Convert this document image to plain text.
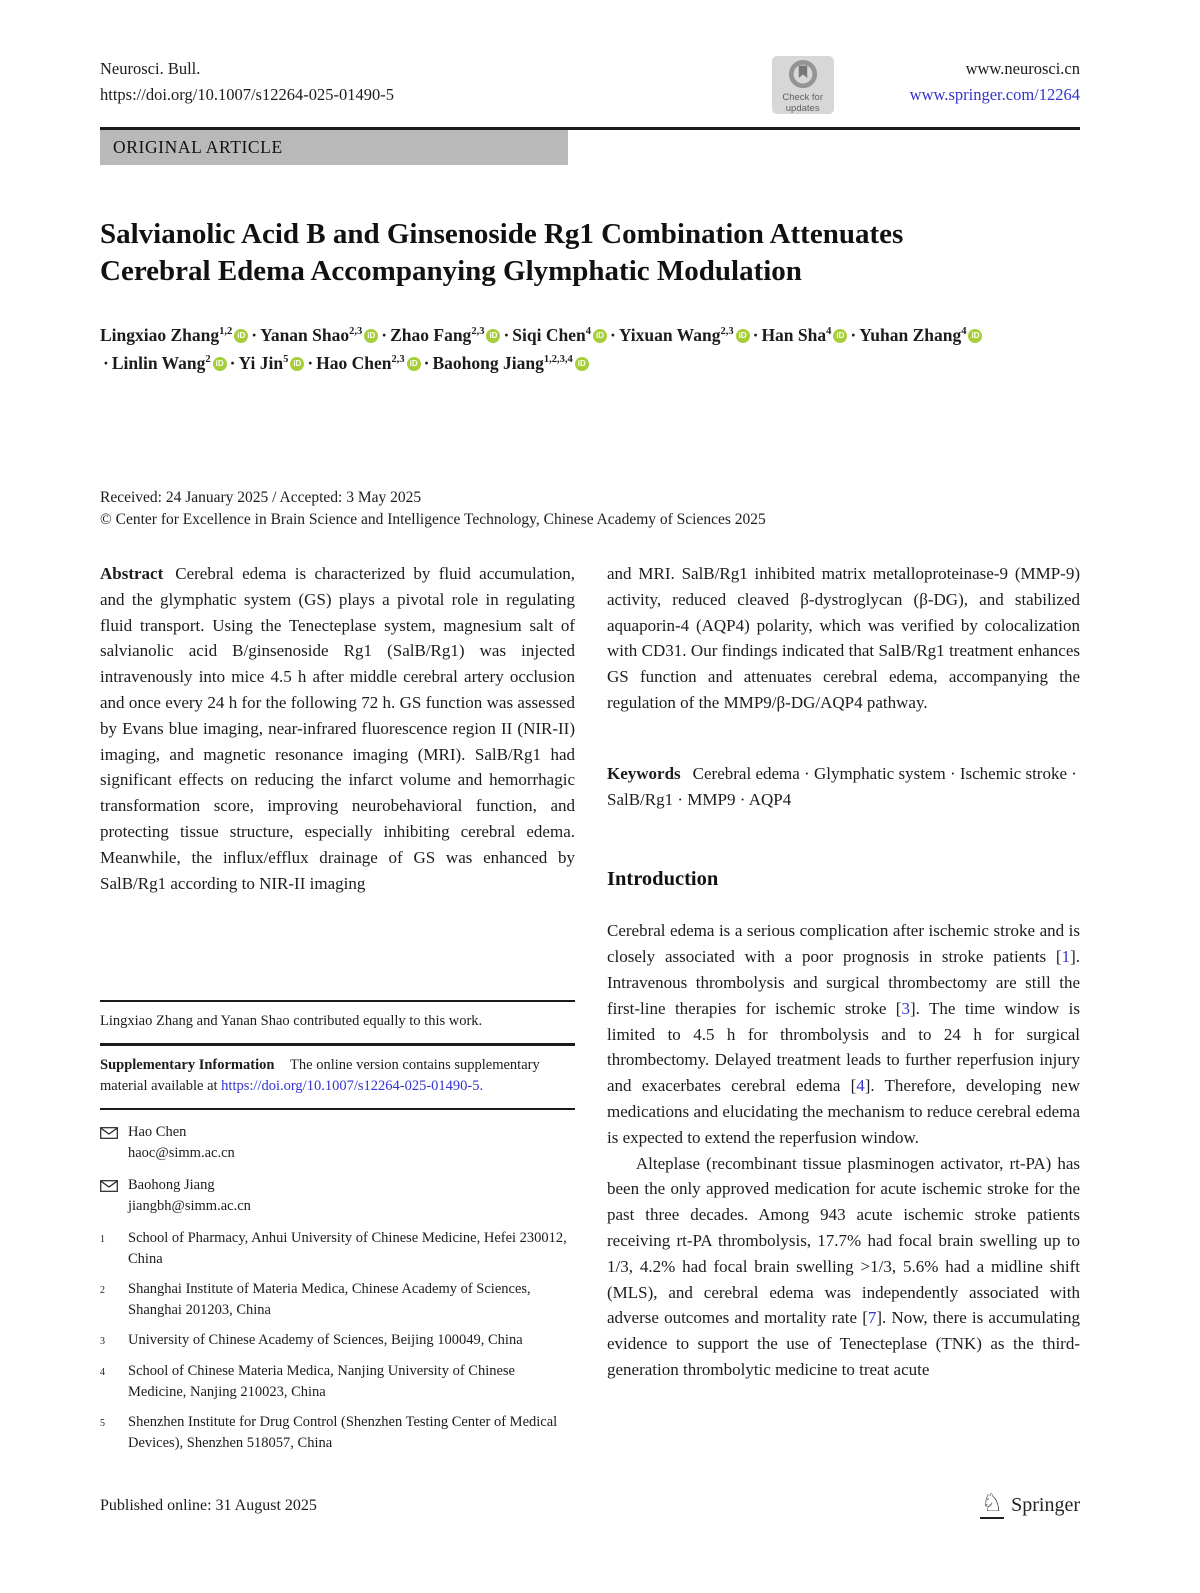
Neurosci. Bull.
https://doi.org/10.1007/s12264-025-01490-5	Check for
updates
www.neurosci.cn
www.springer.com/12264
ORIGINAL ARTICLE
Salvianolic Acid B and Ginsenoside Rg1 Combination Attenuates Cerebral Edema Accompanying Glymphatic Modulation
Lingxiao Zhang$^{1,2}$ iD · Yanan Shao$^{2,3}$ iD · Zhao Fang$^{2,3}$ iD · Siqi Chen$^4$ iD · Yixuan Wang$^{2,3}$ iD · Han Sha$^4$ iD · Yuhan Zhang$^4$ iD· Linlin Wang$^2$ iD · Yi Jin$^5$ iD · Hao Chen$^{2,3}$ iD · Baohong Jiang$^{1,2,3,4}$ iD
Received: 24 January 2025 / Accepted: 3 May 2025
© Center for Excellence in Brain Science and Intelligence Technology, Chinese Academy of Sciences 2025
Abstract Cerebral edema is characterized by fluid accumulation, and the glymphatic system (GS) plays a pivotal role in regulating fluid transport. Using the Tenecteplase system, magnesium salt of salvianolic acid B/ginsenoside Rg1 (SalB/Rg1) was injected intravenously into mice 4.5 h after middle cerebral artery occlusion and once every 24 h for the following 72 h. GS function was assessed by Evans blue imaging, near-infrared fluorescence region II (NIR-II) imaging, and magnetic resonance imaging (MRI). SalB/Rg1 had significant effects on reducing the infarct volume and hemorrhagic transformation score, improving neurobehavioral function, and protecting tissue structure, especially inhibiting cerebral edema. Meanwhile, the influx/efflux drainage of GS was enhanced by SalB/Rg1 according to NIR-II imaging
Lingxiao Zhang and Yanan Shao contributed equally to this work.
Supplementary Information The online version contains supplementary material available at https://doi.org/10.1007/s12264-025-01490-5.
Hao Chen
haoc@simm.ac.cn
Baohong Jiang
jiangbh@simm.ac.cn
1	School of Pharmacy, Anhui University of Chinese Medicine, Hefei 230012, China
2	Shanghai Institute of Materia Medica, Chinese Academy of Sciences, Shanghai 201203, China
3	University of Chinese Academy of Sciences, Beijing 100049, China
4	School of Chinese Materia Medica, Nanjing University of Chinese Medicine, Nanjing 210023, China
5	Shenzhen Institute for Drug Control (Shenzhen Testing Center of Medical Devices), Shenzhen 518057, China
and MRI. SalB/Rg1 inhibited matrix metalloproteinase-9 (MMP-9) activity, reduced cleaved β-dystroglycan (β-DG), and stabilized aquaporin-4 (AQP4) polarity, which was verified by colocalization with CD31. Our findings indicated that SalB/Rg1 treatment enhances GS function and attenuates cerebral edema, accompanying the regulation of the MMP9/β-DG/AQP4 pathway.
Keywords Cerebral edema · Glymphatic system · Ischemic stroke · SalB/Rg1 · MMP9 · AQP4
Introduction
Cerebral edema is a serious complication after ischemic stroke and is closely associated with a poor prognosis in stroke patients [1]. Intravenous thrombolysis and surgical thrombectomy are still the first-line therapies for ischemic stroke [3]. The time window is limited to 4.5 h for thrombolysis and to 24 h for surgical thrombectomy. Delayed treatment leads to further reperfusion injury and exacerbates cerebral edema [4]. Therefore, developing new medications and elucidating the mechanism to reduce cerebral edema is expected to extend the reperfusion window.
Alteplase (recombinant tissue plasminogen activator, rt-PA) has been the only approved medication for acute ischemic stroke for the past three decades. Among 943 acute ischemic stroke patients receiving rt-PA thrombolysis, 17.7% had focal brain swelling up to 1/3, 4.2% had focal brain swelling >1/3, 5.6% had a midline shift (MLS), and cerebral edema was independently associated with adverse outcomes and mortality rate [7]. Now, there is accumulating evidence to support the use of Tenecteplase (TNK) as the third-generation thrombolytic medicine to treat acute
Published online: 31 August 2025	♘ Springer
